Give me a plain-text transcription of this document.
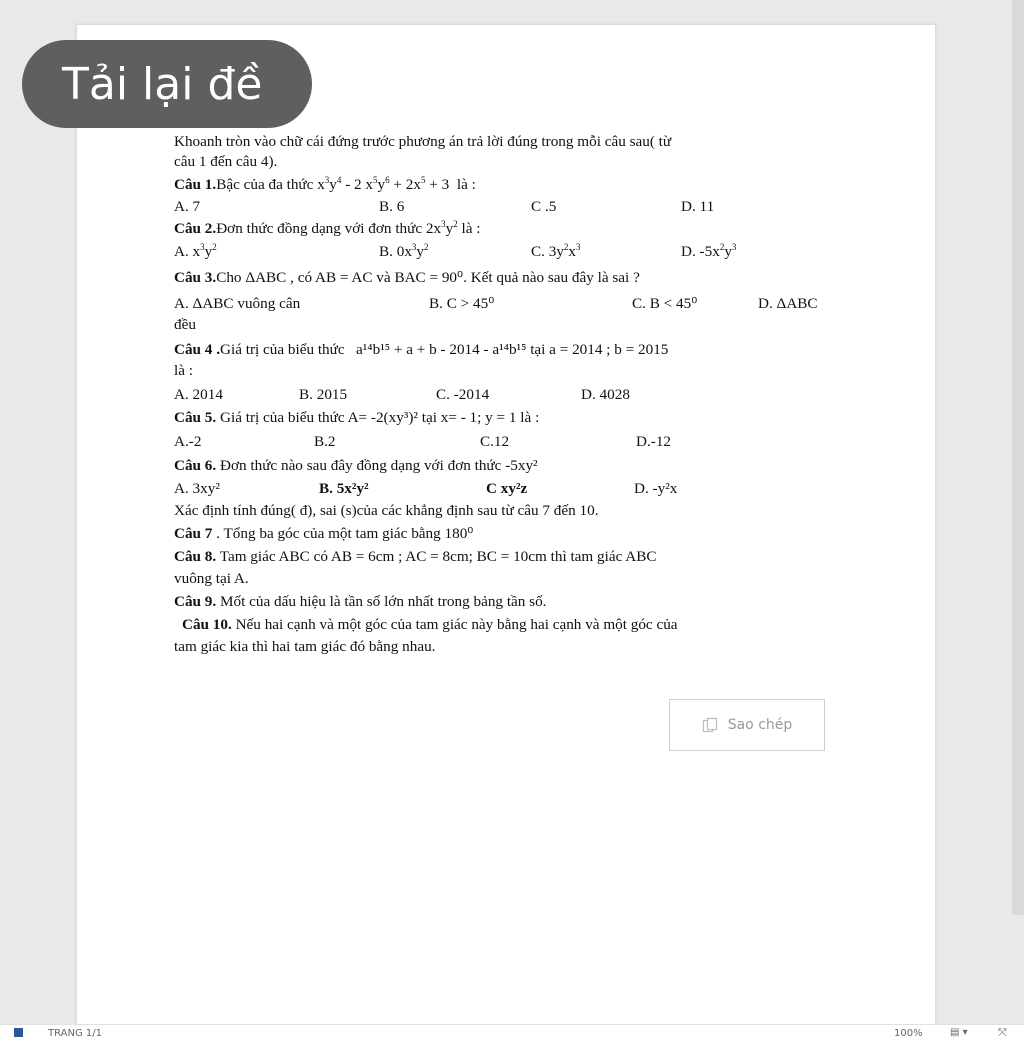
Tải lại đề
Khoanh tròn vào chữ cái đứng trước phương án trả lời đúng trong mỗi câu sau( từ
câu 1 đến câu 4).
Câu 1.Bậc của đa thức $x^3y^4 - 2$ $x^5y^6 + 2x^5 + 3$  là :
A. 7	B. 6	C .5	D. 11
Câu 2.Đơn thức đồng dạng với đơn thức $2x^3y^2$ là :
A. $x^3y^2$	B. $0x^3y^2$	C. $3y^2x^3$	D. $-5x^2y^3$
Câu 3.Cho ΔABC , có AB = AC và BAC = 90⁰. Kết quả nào sau đây là sai ?
A. ΔABC vuông cân	B. C > 45⁰	C. B < 45⁰	D. ΔABC
đều
Câu 4 .Giá trị của biểu thức a¹⁴b¹⁵ + a + b - 2014 - a¹⁴b¹⁵ tại a = 2014 ; b = 2015
là :
A. 2014	B. 2015	C. -2014	D. 4028
Câu 5. Giá trị của biểu thức A= -2(xy³)² tại x= - 1; y = 1 là :
A.-2	B.2	C.12	D.-12
Câu 6. Đơn thức nào sau đây đồng dạng với đơn thức -5xy²
A. 3xy²	B. 5x²y²	C xy²z	D. -y²x
Xác định tính đúng( đ), sai (s)của các khẳng định sau từ câu 7 đến 10.
Câu 7 . Tổng ba góc của một tam giác bằng 180⁰
Câu 8. Tam giác ABC có AB = 6cm ; AC = 8cm; BC = 10cm thì tam giác ABC
vuông tại A.
Câu 9. Mốt của dấu hiệu là tần số lớn nhất trong bảng tần số.
Câu 10. Nếu hai cạnh và một góc của tam giác này bằng hai cạnh và một góc của
tam giác kia thì hai tam giác đó bằng nhau.
Sao chép
TRANG 1/1	100%	▤ ▾	⤧
